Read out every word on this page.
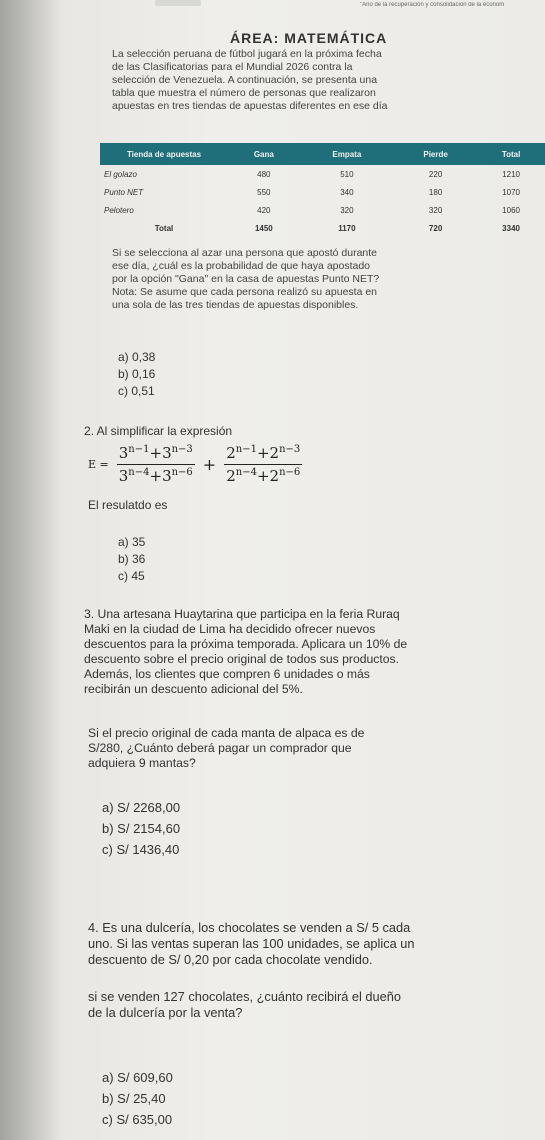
"Año de la recuperación y consolidación de la econom
ÁREA: MATEMÁTICA

La selección peruana de fútbol jugará en la próxima fecha

de las Clasificatorias para el Mundial 2026 contra la

selección de Venezuela. A continuación, se presenta una

tabla que muestra el número de personas que realizaron

apuestas en tres tiendas de apuestas diferentes en ese día

Tienda de apuestas	Gana	Empata	Pierde	Total
El golazo	480	510	220	1210
Punto NET	550	340	180	1070
Pelotero	420	320	320	1060
Total	1450	1170	720	3340

Si se selecciona al azar una persona que apostó durante

ese día, ¿cuál es la probabilidad de que haya apostado

por la opción "Gana" en la casa de apuestas Punto NET?

Nota: Se asume que cada persona realizó su apuesta en

una sola de las tres tiendas de apuestas disponibles.

a) 0,38
b) 0,16
c) 0,51
2. Al simplificar la expresión
$E = \frac{3^{n-1}+3^{n-3}}{3^{n-4}+3^{n-6}} + \frac{2^{n-1}+2^{n-3}}{2^{n-4}+2^{n-6}}$
El resulatdo es
a) 35
b) 36
c) 45

3. Una artesana Huaytarina que participa en la feria Ruraq

Maki en la ciudad de Lima ha decidido ofrecer nuevos

descuentos para la próxima temporada. Aplicara un 10% de

descuento sobre el precio original de todos sus productos.

Además, los clientes que compren 6 unidades o más

recibirán un descuento adicional del 5%.

Si el precio original de cada manta de alpaca es de

S/280, ¿Cuánto deberá pagar un comprador que

adquiera 9 mantas?

a) S/ 2268,00
b) S/ 2154,60
c) S/ 1436,40

4. Es una dulcería, los chocolates se venden a S/ 5 cada

uno. Si las ventas superan las 100 unidades, se aplica un

descuento de S/ 0,20 por cada chocolate vendido.

si se venden 127 chocolates, ¿cuánto recibirá el dueño

de la dulcería por la venta?

a) S/ 609,60
b) S/ 25,40
c) S/ 635,00
